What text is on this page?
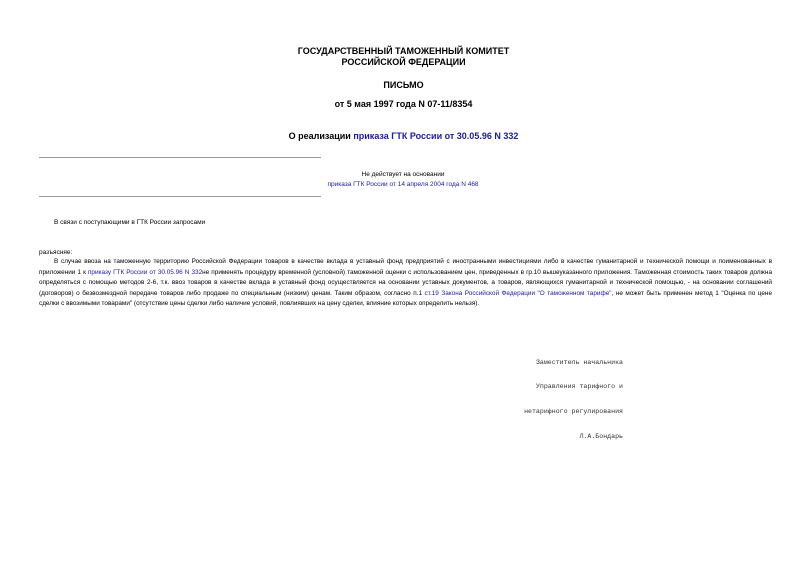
ГОСУДАРСТВЕННЫЙ ТАМОЖЕННЫЙ КОМИТЕТ
РОССИЙСКОЙ ФЕДЕРАЦИИ
ПИСЬМО
от 5 мая 1997 года N 07-11/8354
О реализации приказа ГТК России от 30.05.96 N 332
Не действует на основании
приказа ГТК России от 14 апреля 2004 года N 468
В связи с поступающими в ГТК России запросами
разъясняе:
В случае ввоза на таможенную территорию Российской Федерации товаров в качестве вклада в уставный фонд предприятий с иностранными инвестициями либо в качестве гуманитарной и технической помощи и поименованных в приложении 1 к приказу ГТК России от 30.05.96 N 332не применять процедуру временной (условной) таможенной оценки с использованием цен, приведенных в гр.10 вышеуказанного приложения. Таможенная стоимость таких товаров должна определяться с помощью методов 2-6, т.к. ввоз товаров в качестве вклада в уставный фонд осуществляется на основании уставных документов, а товаров, являющихся гуманитарной и технической помощью, - на основании соглашений (договоров) о безвозмездной передаче товаров либо продаже по специальным (низким) ценам. Таким образом, согласно п.1 ст.19 Закона Российской Федерации "О таможенном тарифе", не может быть применен метод 1 "Оценка по цене сделки с ввозимыми товарами" (отсутствие цены сделки либо наличие условий, повлиявших на цену сделки, влияние которых определить нельзя).

Заместитель начальника

Управления тарифного и

нетарифного регулирования

Л.А.Бондарь
